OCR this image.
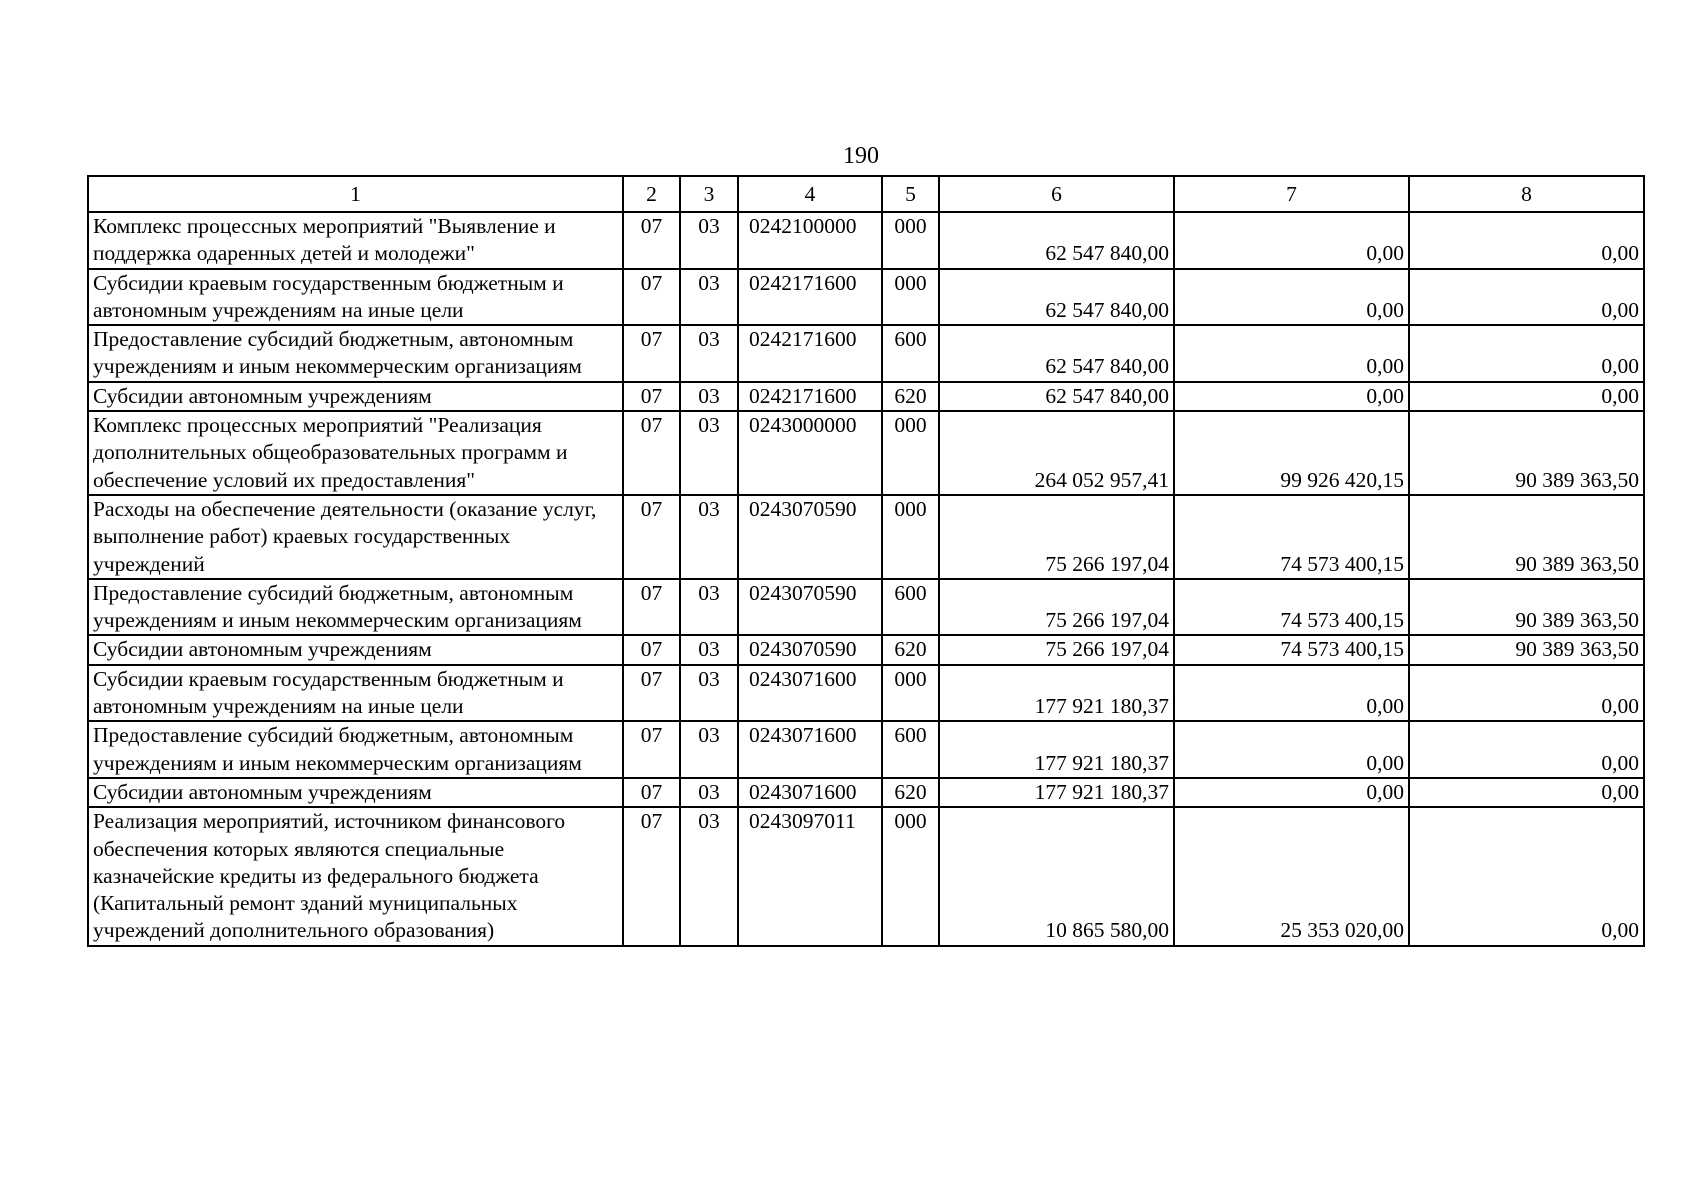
190
1	2	3	4	5	6	7	8
Комплекс процессных мероприятий "Выявление и поддержка одаренных детей и молодежи"	07	03	0242100000	000	62 547 840,00	0,00	0,00
Субсидии краевым государственным бюджетным и автономным учреждениям на иные цели	07	03	0242171600	000	62 547 840,00	0,00	0,00
Предоставление субсидий бюджетным, автономным учреждениям и иным некоммерческим организациям	07	03	0242171600	600	62 547 840,00	0,00	0,00
Субсидии автономным учреждениям	07	03	0242171600	620	62 547 840,00	0,00	0,00
Комплекс процессных мероприятий "Реализация дополнительных общеобразовательных программ и обеспечение условий их предоставления"	07	03	0243000000	000	264 052 957,41	99 926 420,15	90 389 363,50
Расходы на обеспечение деятельности (оказание услуг, выполнение работ) краевых государственных учреждений	07	03	0243070590	000	75 266 197,04	74 573 400,15	90 389 363,50
Предоставление субсидий бюджетным, автономным учреждениям и иным некоммерческим организациям	07	03	0243070590	600	75 266 197,04	74 573 400,15	90 389 363,50
Субсидии автономным учреждениям	07	03	0243070590	620	75 266 197,04	74 573 400,15	90 389 363,50
Субсидии краевым государственным бюджетным и автономным учреждениям на иные цели	07	03	0243071600	000	177 921 180,37	0,00	0,00
Предоставление субсидий бюджетным, автономным учреждениям и иным некоммерческим организациям	07	03	0243071600	600	177 921 180,37	0,00	0,00
Субсидии автономным учреждениям	07	03	0243071600	620	177 921 180,37	0,00	0,00
Реализация мероприятий, источником финансового обеспечения которых являются специальные казначейские кредиты из федерального бюджета (Капитальный ремонт зданий муниципальных учреждений дополнительного образования)	07	03	0243097011	000	10 865 580,00	25 353 020,00	0,00
